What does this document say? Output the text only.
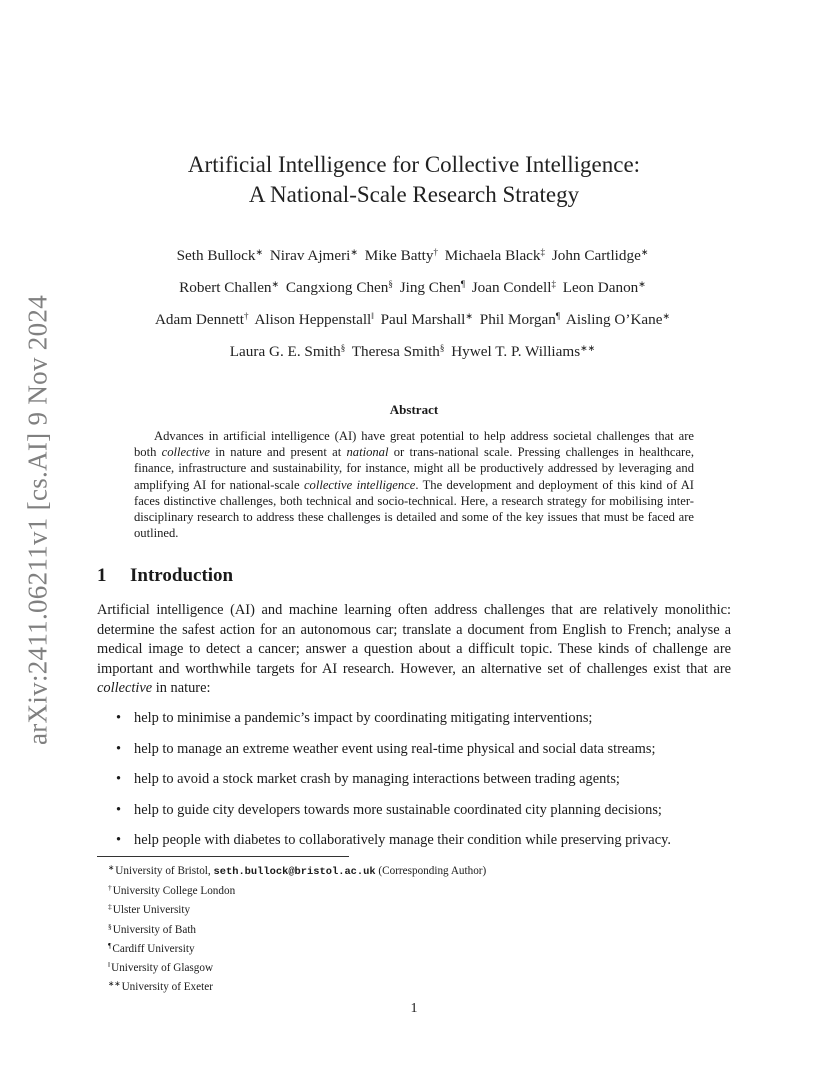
arXiv:2411.06211v1 [cs.AI] 9 Nov 2024
Artificial Intelligence for Collective Intelligence:
A National-Scale Research Strategy
Seth Bullock∗ Nirav Ajmeri∗ Mike Batty† Michaela Black‡ John Cartlidge∗
Robert Challen∗ Cangxiong Chen§ Jing Chen¶ Joan Condell‡ Leon Danon∗
Adam Dennett† Alison Heppenstall‖ Paul Marshall∗ Phil Morgan¶ Aisling O’Kane∗
Laura G. E. Smith§ Theresa Smith§ Hywel T. P. Williams∗∗
Abstract

Advances in artificial intelligence (AI) have great potential to help address societal challenges that are both collective in nature and present at national or trans-national scale. Pressing challenges in healthcare, finance, infrastructure and sustainability, for instance, might all be productively addressed by leveraging and amplifying AI for national-scale collective intelligence. The development and deployment of this kind of AI faces distinctive challenges, both technical and socio-technical. Here, a research strategy for mobilising inter-disciplinary research to address these challenges is detailed and some of the key issues that must be faced are outlined.

1 Introduction

Artificial intelligence (AI) and machine learning often address challenges that are relatively monolithic: determine the safest action for an autonomous car; translate a document from English to French; analyse a medical image to detect a cancer; answer a question about a difficult topic. These kinds of challenge are important and worthwhile targets for AI research. However, an alternative set of challenges exist that are collective in nature:

• help to minimise a pandemic’s impact by coordinating mitigating interventions;
• help to manage an extreme weather event using real-time physical and social data streams;
• help to avoid a stock market crash by managing interactions between trading agents;
• help to guide city developers towards more sustainable coordinated city planning decisions;
• help people with diabetes to collaboratively manage their condition while preserving privacy.
∗University of Bristol, seth.bullock@bristol.ac.uk (Corresponding Author)
†University College London
‡Ulster University
§University of Bath
¶Cardiff University
‖University of Glasgow
∗∗University of Exeter
1
